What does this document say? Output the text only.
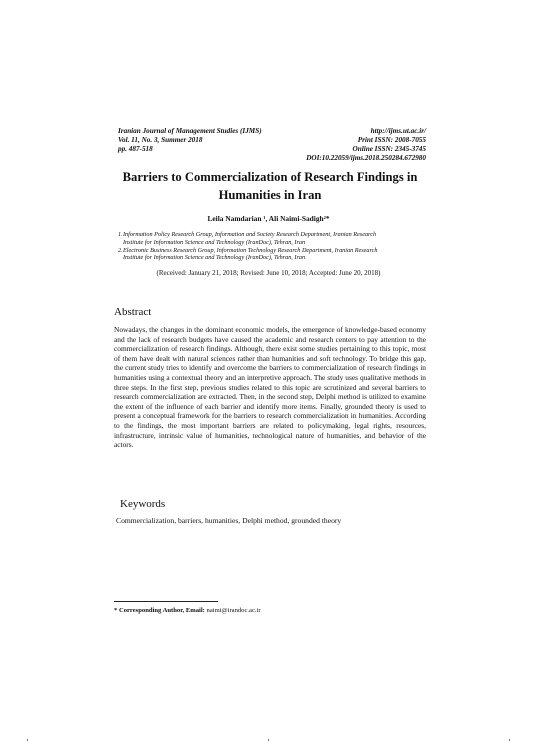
Iranian Journal of Management Studies (IJMS)
Vol. 11, No. 3, Summer 2018
pp. 487-518
http://ijms.ut.ac.ir/
Print ISSN: 2008-7055
Online ISSN: 2345-3745
DOI:10.22059/ijms.2018.250284.672980
Barriers to Commercialization of Research Findings in Humanities in Iran
Leila Namdarian ¹, Ali Naimi-Sadigh²*
1. Information Policy Research Group, Information and Society Research Department, Iranian Research
Institute for Information Science and Technology (IranDoc), Tehran, Iran
2. Electronic Business Research Group, Information Technology Research Department, Iranian Research
Institute for Information Science and Technology (IranDoc), Tehran, Iran
(Received: January 21, 2018; Revised: June 10, 2018; Accepted: June 20, 2018)
Abstract
Nowadays, the changes in the dominant economic models, the emergence of knowledge-based economy and the lack of research budgets have caused the academic and research centers to pay attention to the commercialization of research findings. Although, there exist some studies pertaining to this topic, most of them have dealt with natural sciences rather than humanities and soft technology. To bridge this gap, the current study tries to identify and overcome the barriers to commercialization of research findings in humanities using a contextual theory and an interpretive approach. The study uses qualitative methods in three steps. In the first step, previous studies related to this topic are scrutinized and several barriers to research commercialization are extracted. Then, in the second step, Delphi method is utilized to examine the extent of the influence of each barrier and identify more items. Finally, grounded theory is used to present a conceptual framework for the barriers to research commercialization in humanities. According to the findings, the most important barriers are related to policymaking, legal rights, resources, infrastructure, intrinsic value of humanities, technological nature of humanities, and behavior of the actors.
Keywords
Commercialization, barriers, humanities, Delphi method, grounded theory
* Corresponding Author, Email: naimi@irandoc.ac.ir
